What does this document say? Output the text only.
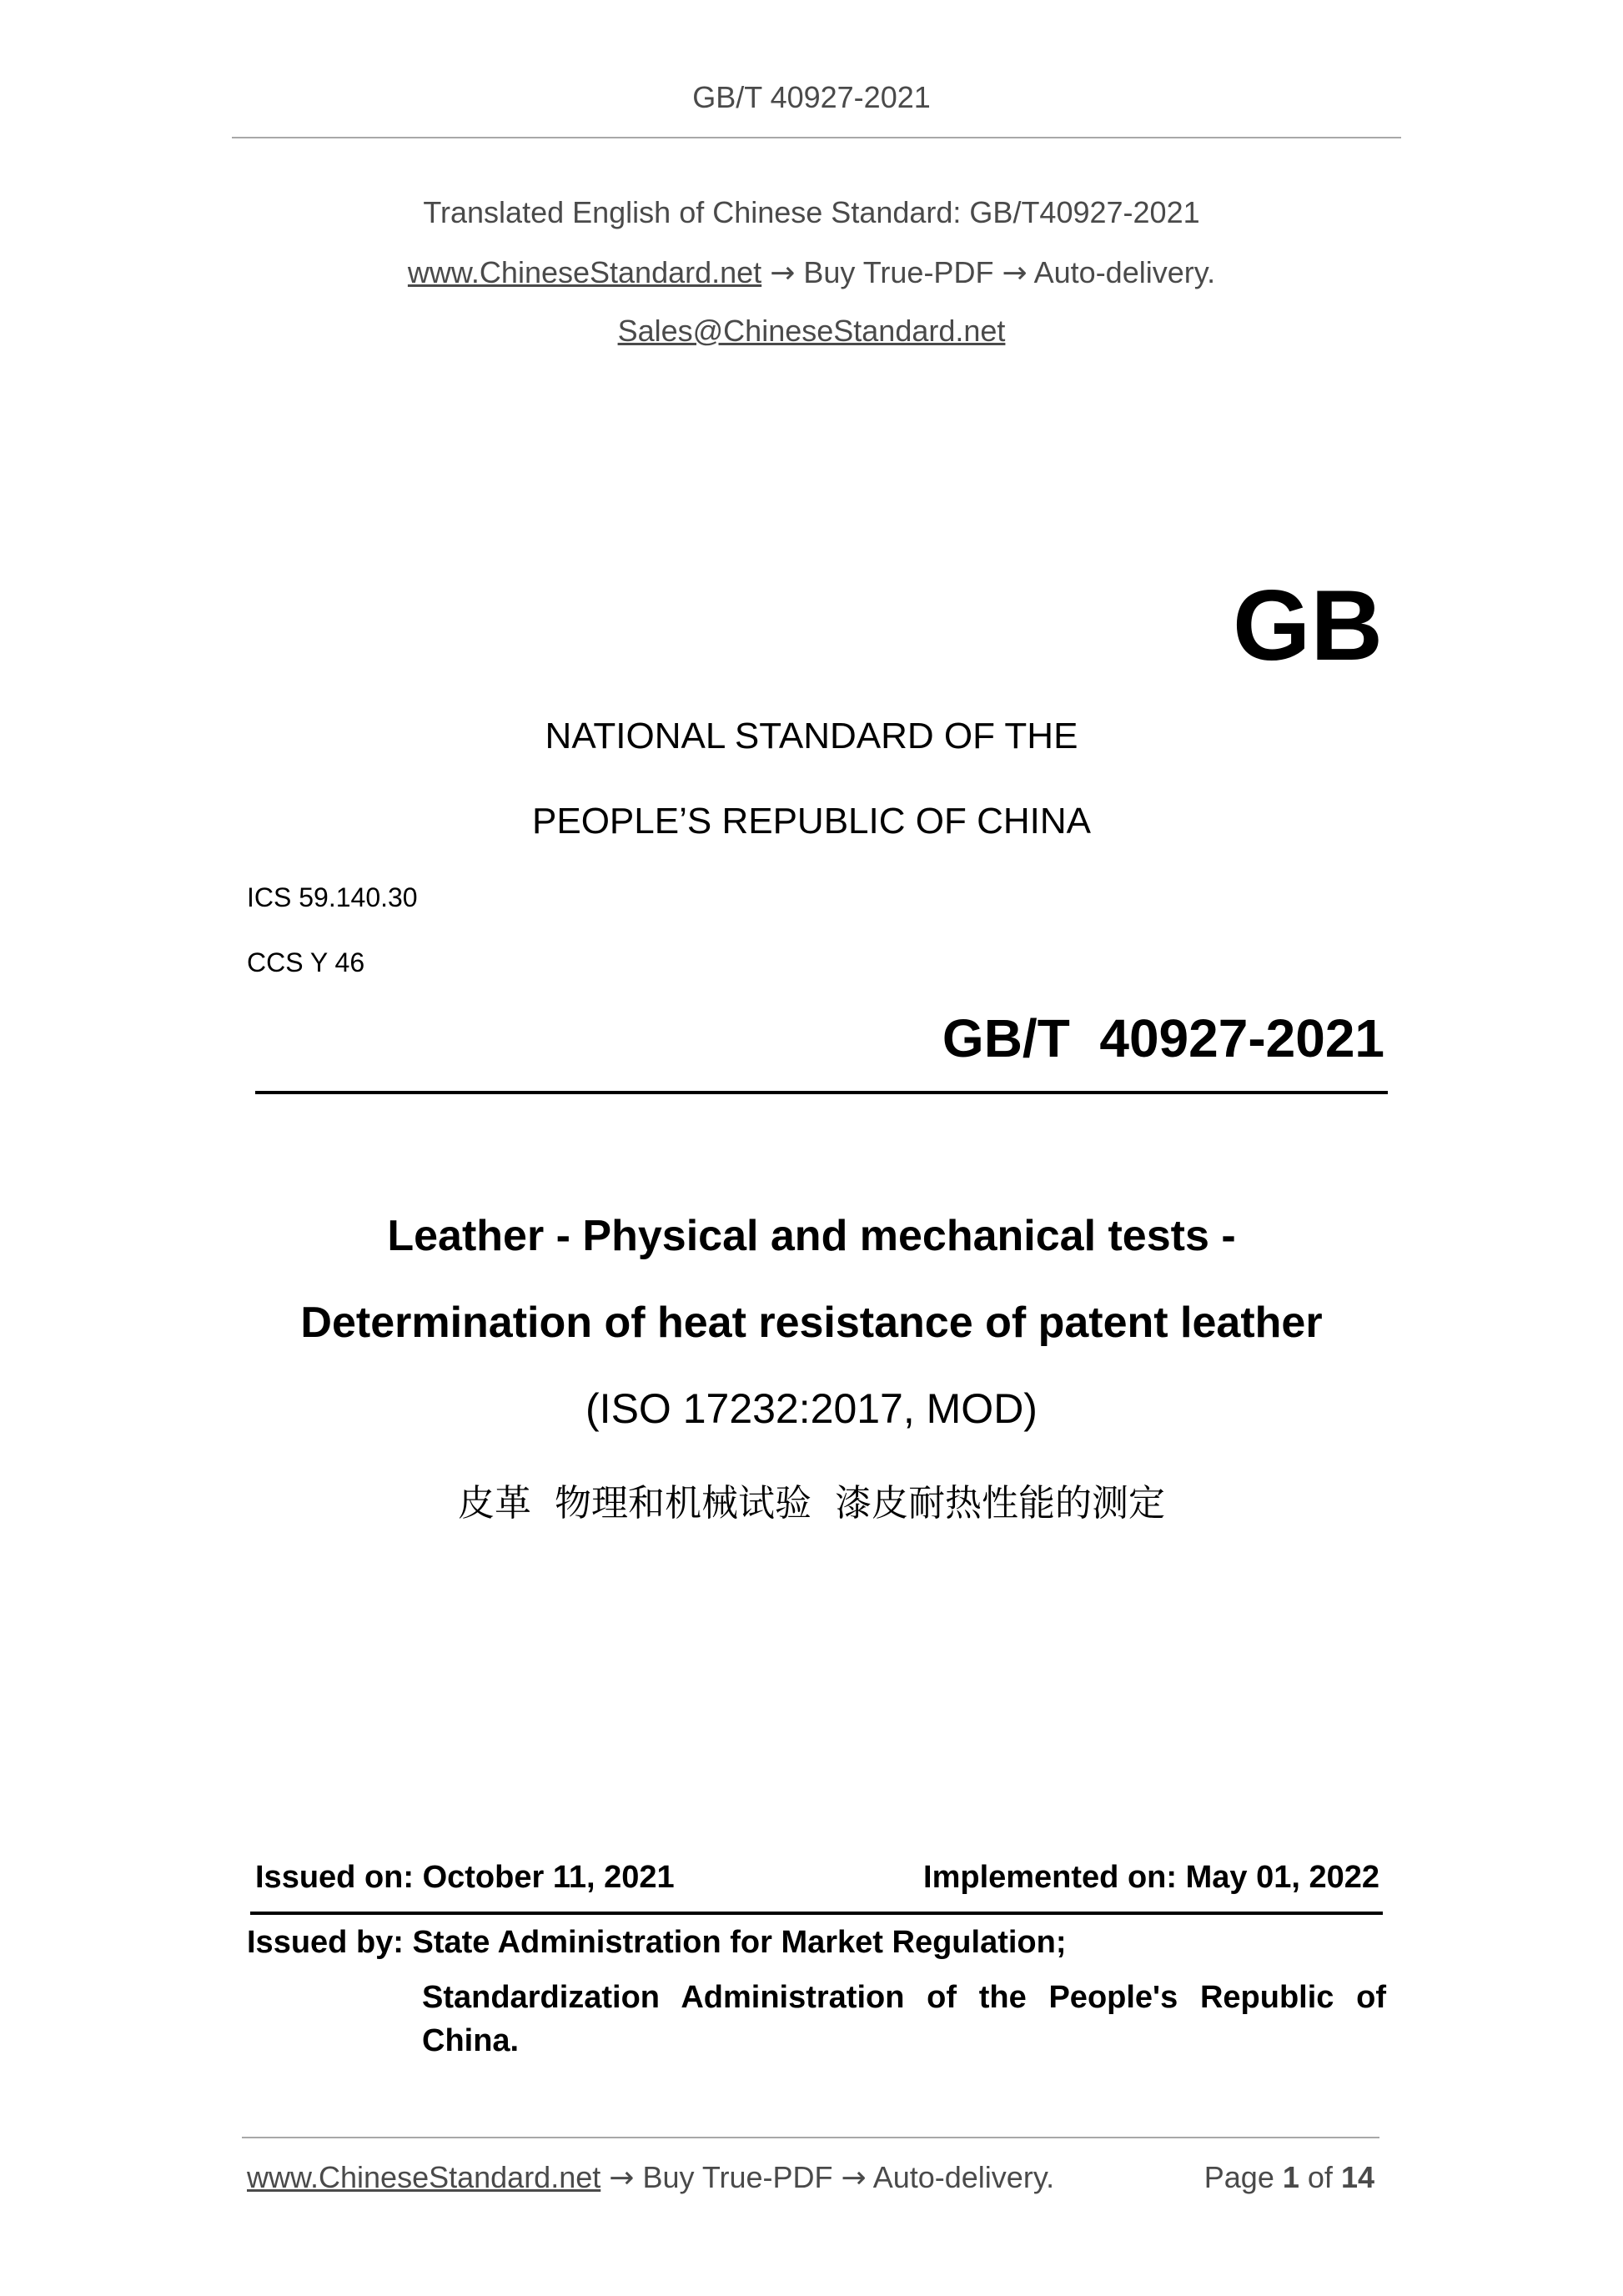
GB/T 40927-2021
Translated English of Chinese Standard: GB/T40927-2021
www.ChineseStandard.net → Buy True-PDF → Auto-delivery.
Sales@ChineseStandard.net
GB
NATIONAL STANDARD OF THE
PEOPLE’S REPUBLIC OF CHINA
ICS 59.140.30
CCS Y 46
GB/T  40927-2021
Leather - Physical and mechanical tests -
Determination of heat resistance of patent leather
(ISO 17232:2017, MOD)
皮革  物理和机械试验  漆皮耐热性能的测定
Issued on: October 11, 2021	Implemented on: May 01, 2022
Issued by: State Administration for Market Regulation;
Standardization Administration of the People's Republic of
China.
www.ChineseStandard.net → Buy True-PDF → Auto-delivery.	Page 1 of 14
